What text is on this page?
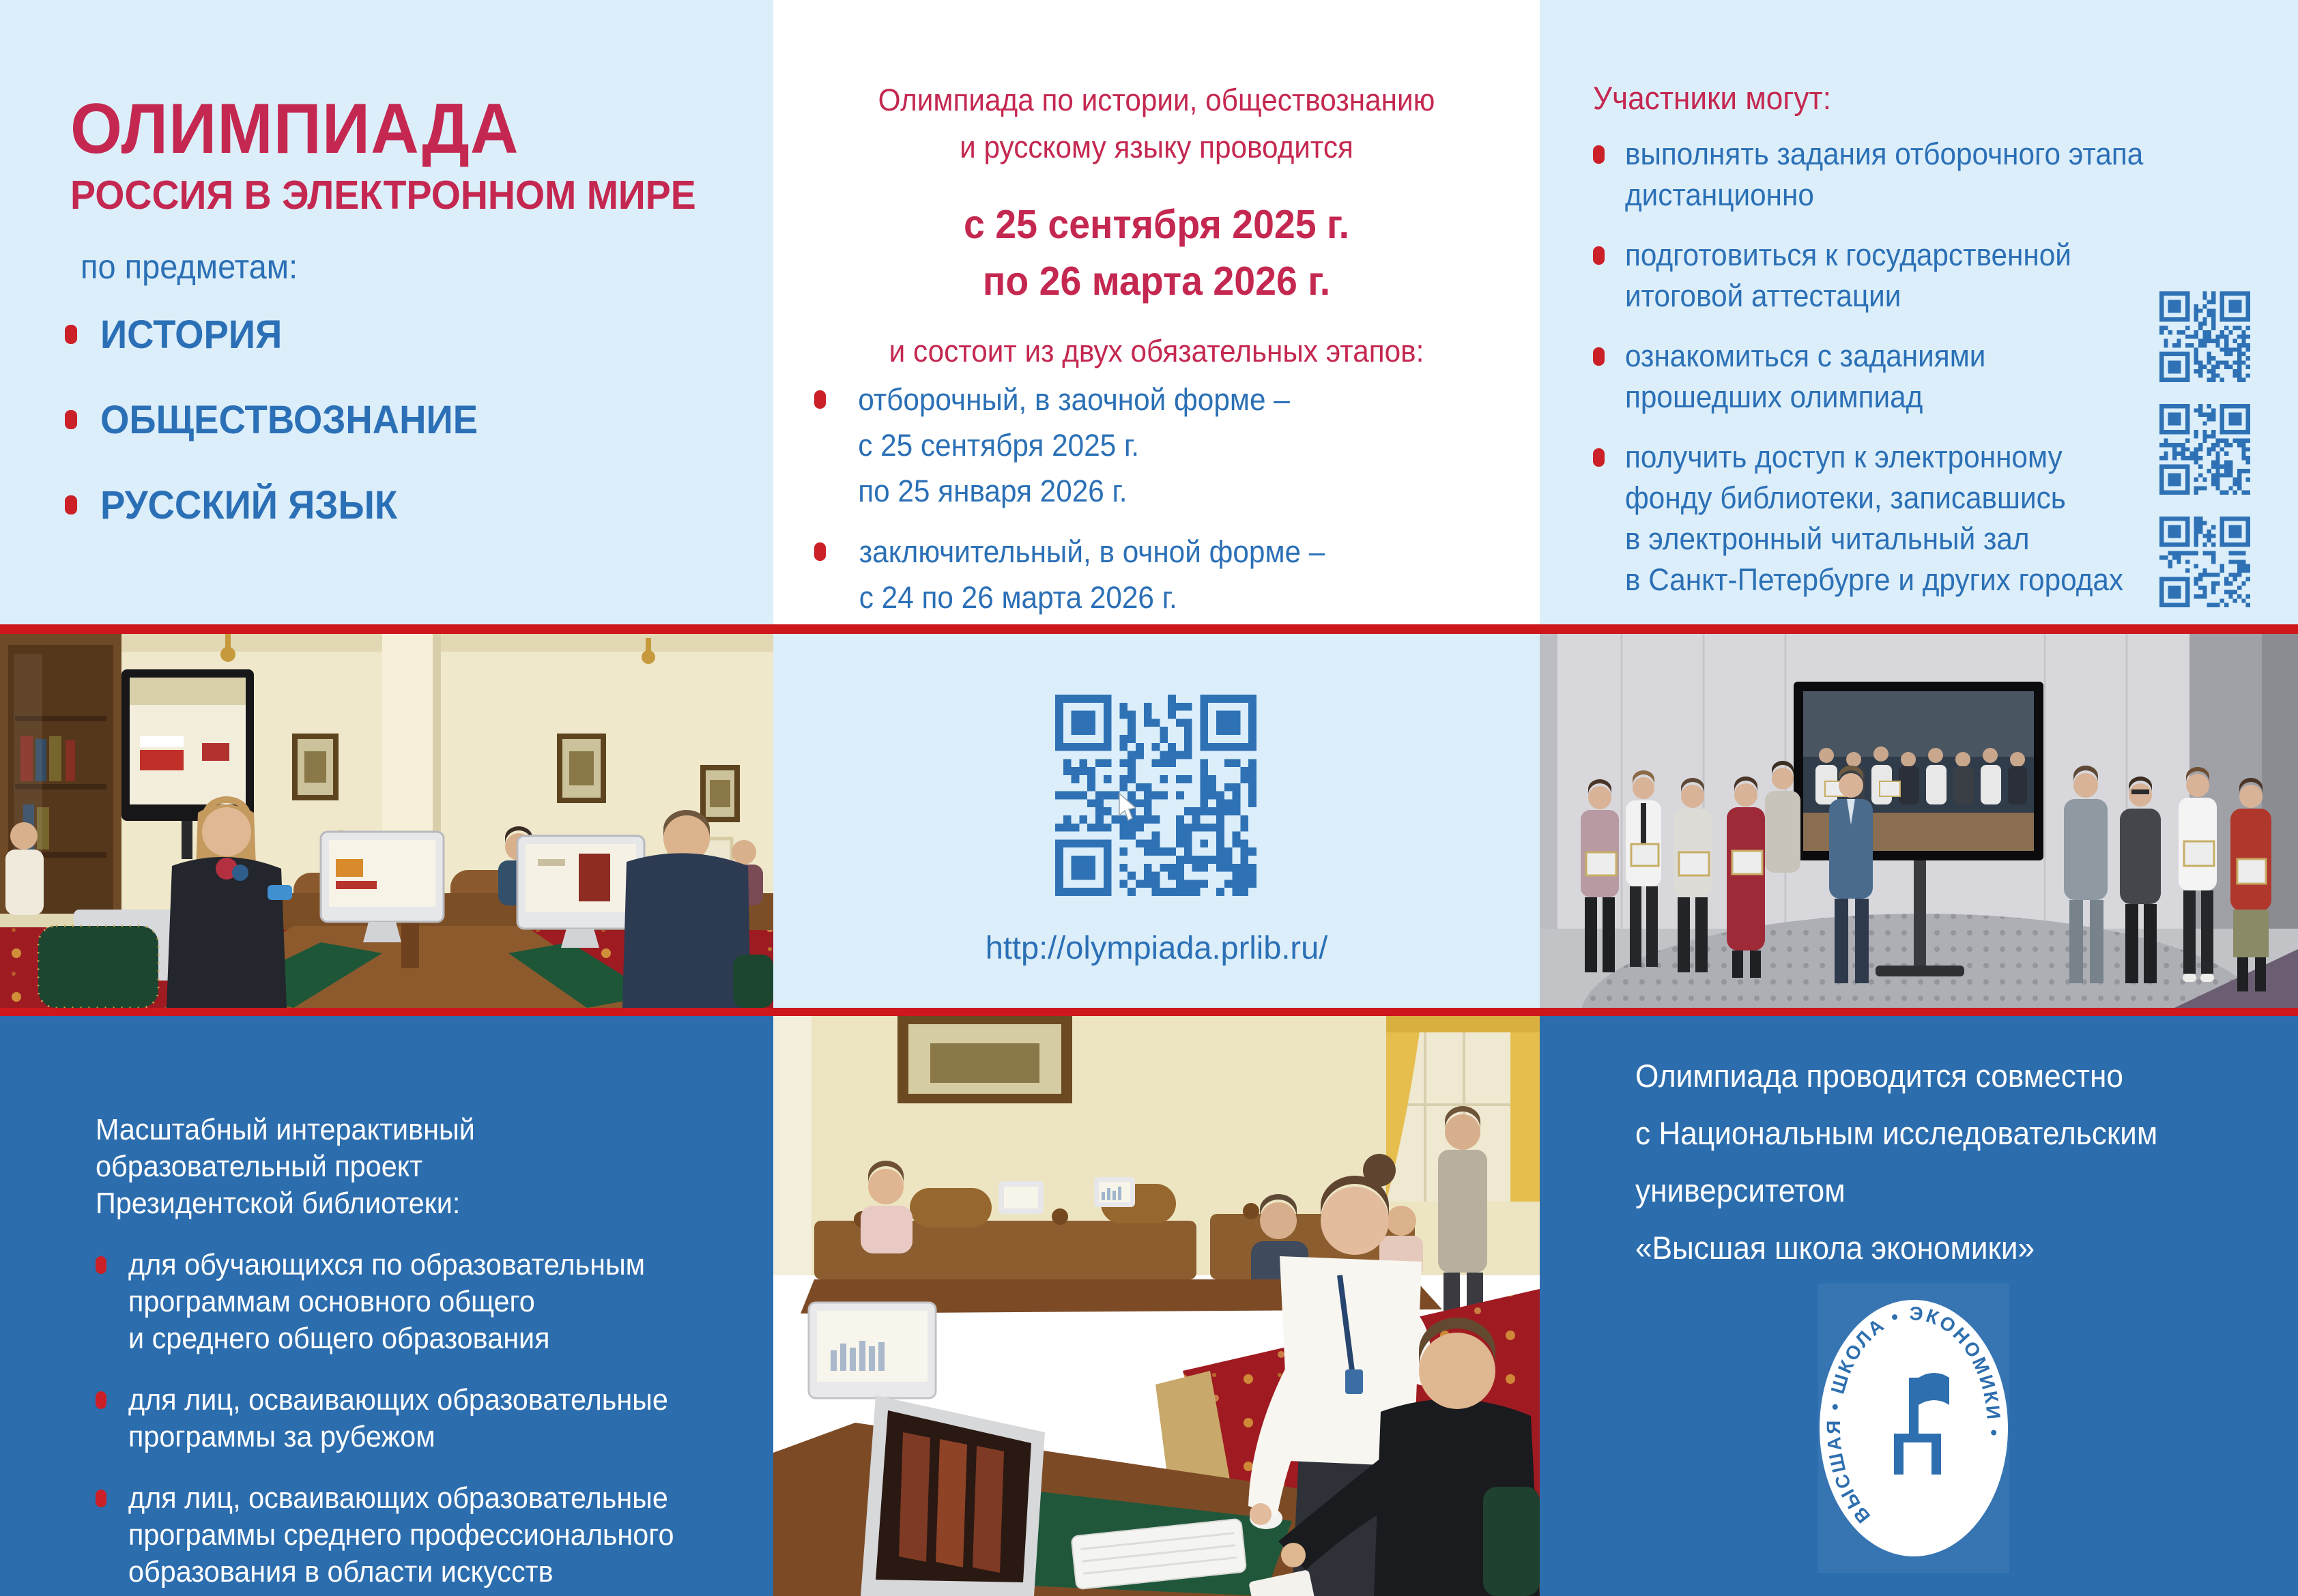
ОЛИМПИАДА
РОССИЯ В ЭЛЕКТРОННОМ МИРЕ
по предметам:
ИСТОРИЯ
ОБЩЕСТВОЗНАНИЕ
РУССКИЙ ЯЗЫК
Олимпиада по истории, обществознанию
и русскому языку проводится
с 25 сентября 2025 г.
по 26 марта 2026 г.
и состоит из двух обязательных этапов:
отборочный, в заочной форме –
с 25 сентября 2025 г.
по 25 января 2026 г.
заключительный, в очной форме –
с 24 по 26 марта 2026 г.
Участники могут:
выполнять задания отборочного этапа
дистанционно
подготовиться к государственной
итоговой аттестации
ознакомиться с заданиями
прошедших олимпиад
получить доступ к электронному
фонду библиотеки, записавшись
в электронный читальный зал
в Санкт-Петербурге и других городах
http://olympiada.prlib.ru/
Масштабный интерактивный
образовательный проект
Президентской библиотеки:
для обучающихся по образовательным
программам основного общего
и среднего общего образования
для лиц, осваивающих образовательные
программы за рубежом
для лиц, осваивающих образовательные
программы среднего профессионального
образования в области искусств
Олимпиада проводится совместно
с Национальным исследовательским
университетом
«Высшая школа экономики»
ВЫСШАЯ • ШКОЛА • ЭКОНОМИКИ •
